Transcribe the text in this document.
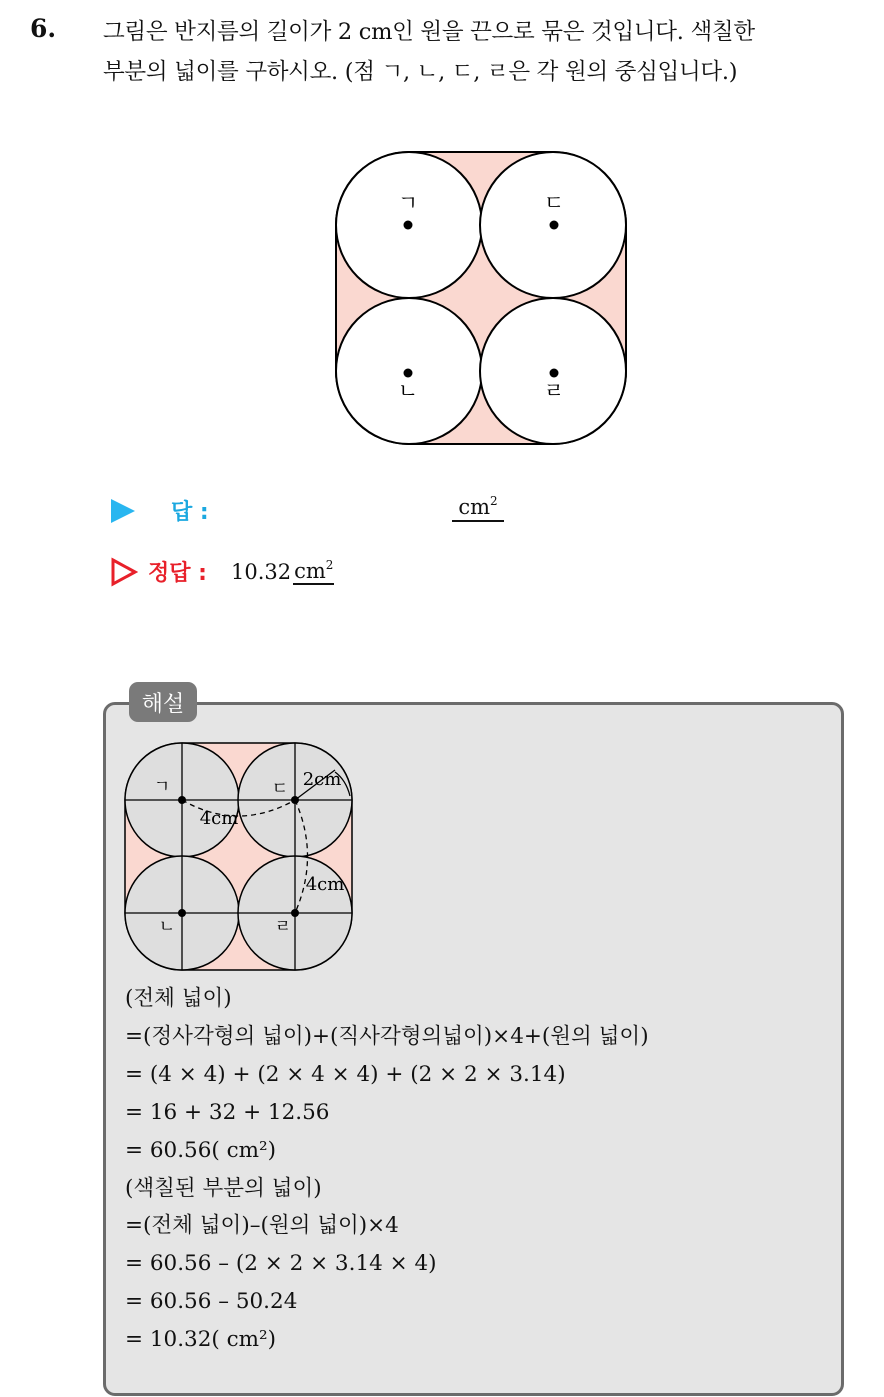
6. 그림은 반지름의 길이가 2 cm인 원을 끈으로 묶은 것입니다. 색칠한
부분의 넓이를 구하시오. (점 ㄱ, ㄴ, ㄷ, ㄹ은 각 원의 중심입니다.)
ㄱ	ㄷ
ㄴ	ㄹ
답 :	$cm^2$
정답 : 10.32 $cm^2$
해설
ㄱ	ㄷ
ㄴ	ㄹ
2cm
4cm
4cm
(전체 넓이)
=(정사각형의 넓이)+(직사각형의넓이)×4+(원의 넓이)
= (4 × 4) + (2 × 4 × 4) + (2 × 2 × 3.14)
= 16 + 32 + 12.56
= 60.56( cm²)
(색칠된 부분의 넓이)
=(전체 넓이)–(원의 넓이)×4
= 60.56 – (2 × 2 × 3.14 × 4)
= 60.56 – 50.24
= 10.32( cm²)
